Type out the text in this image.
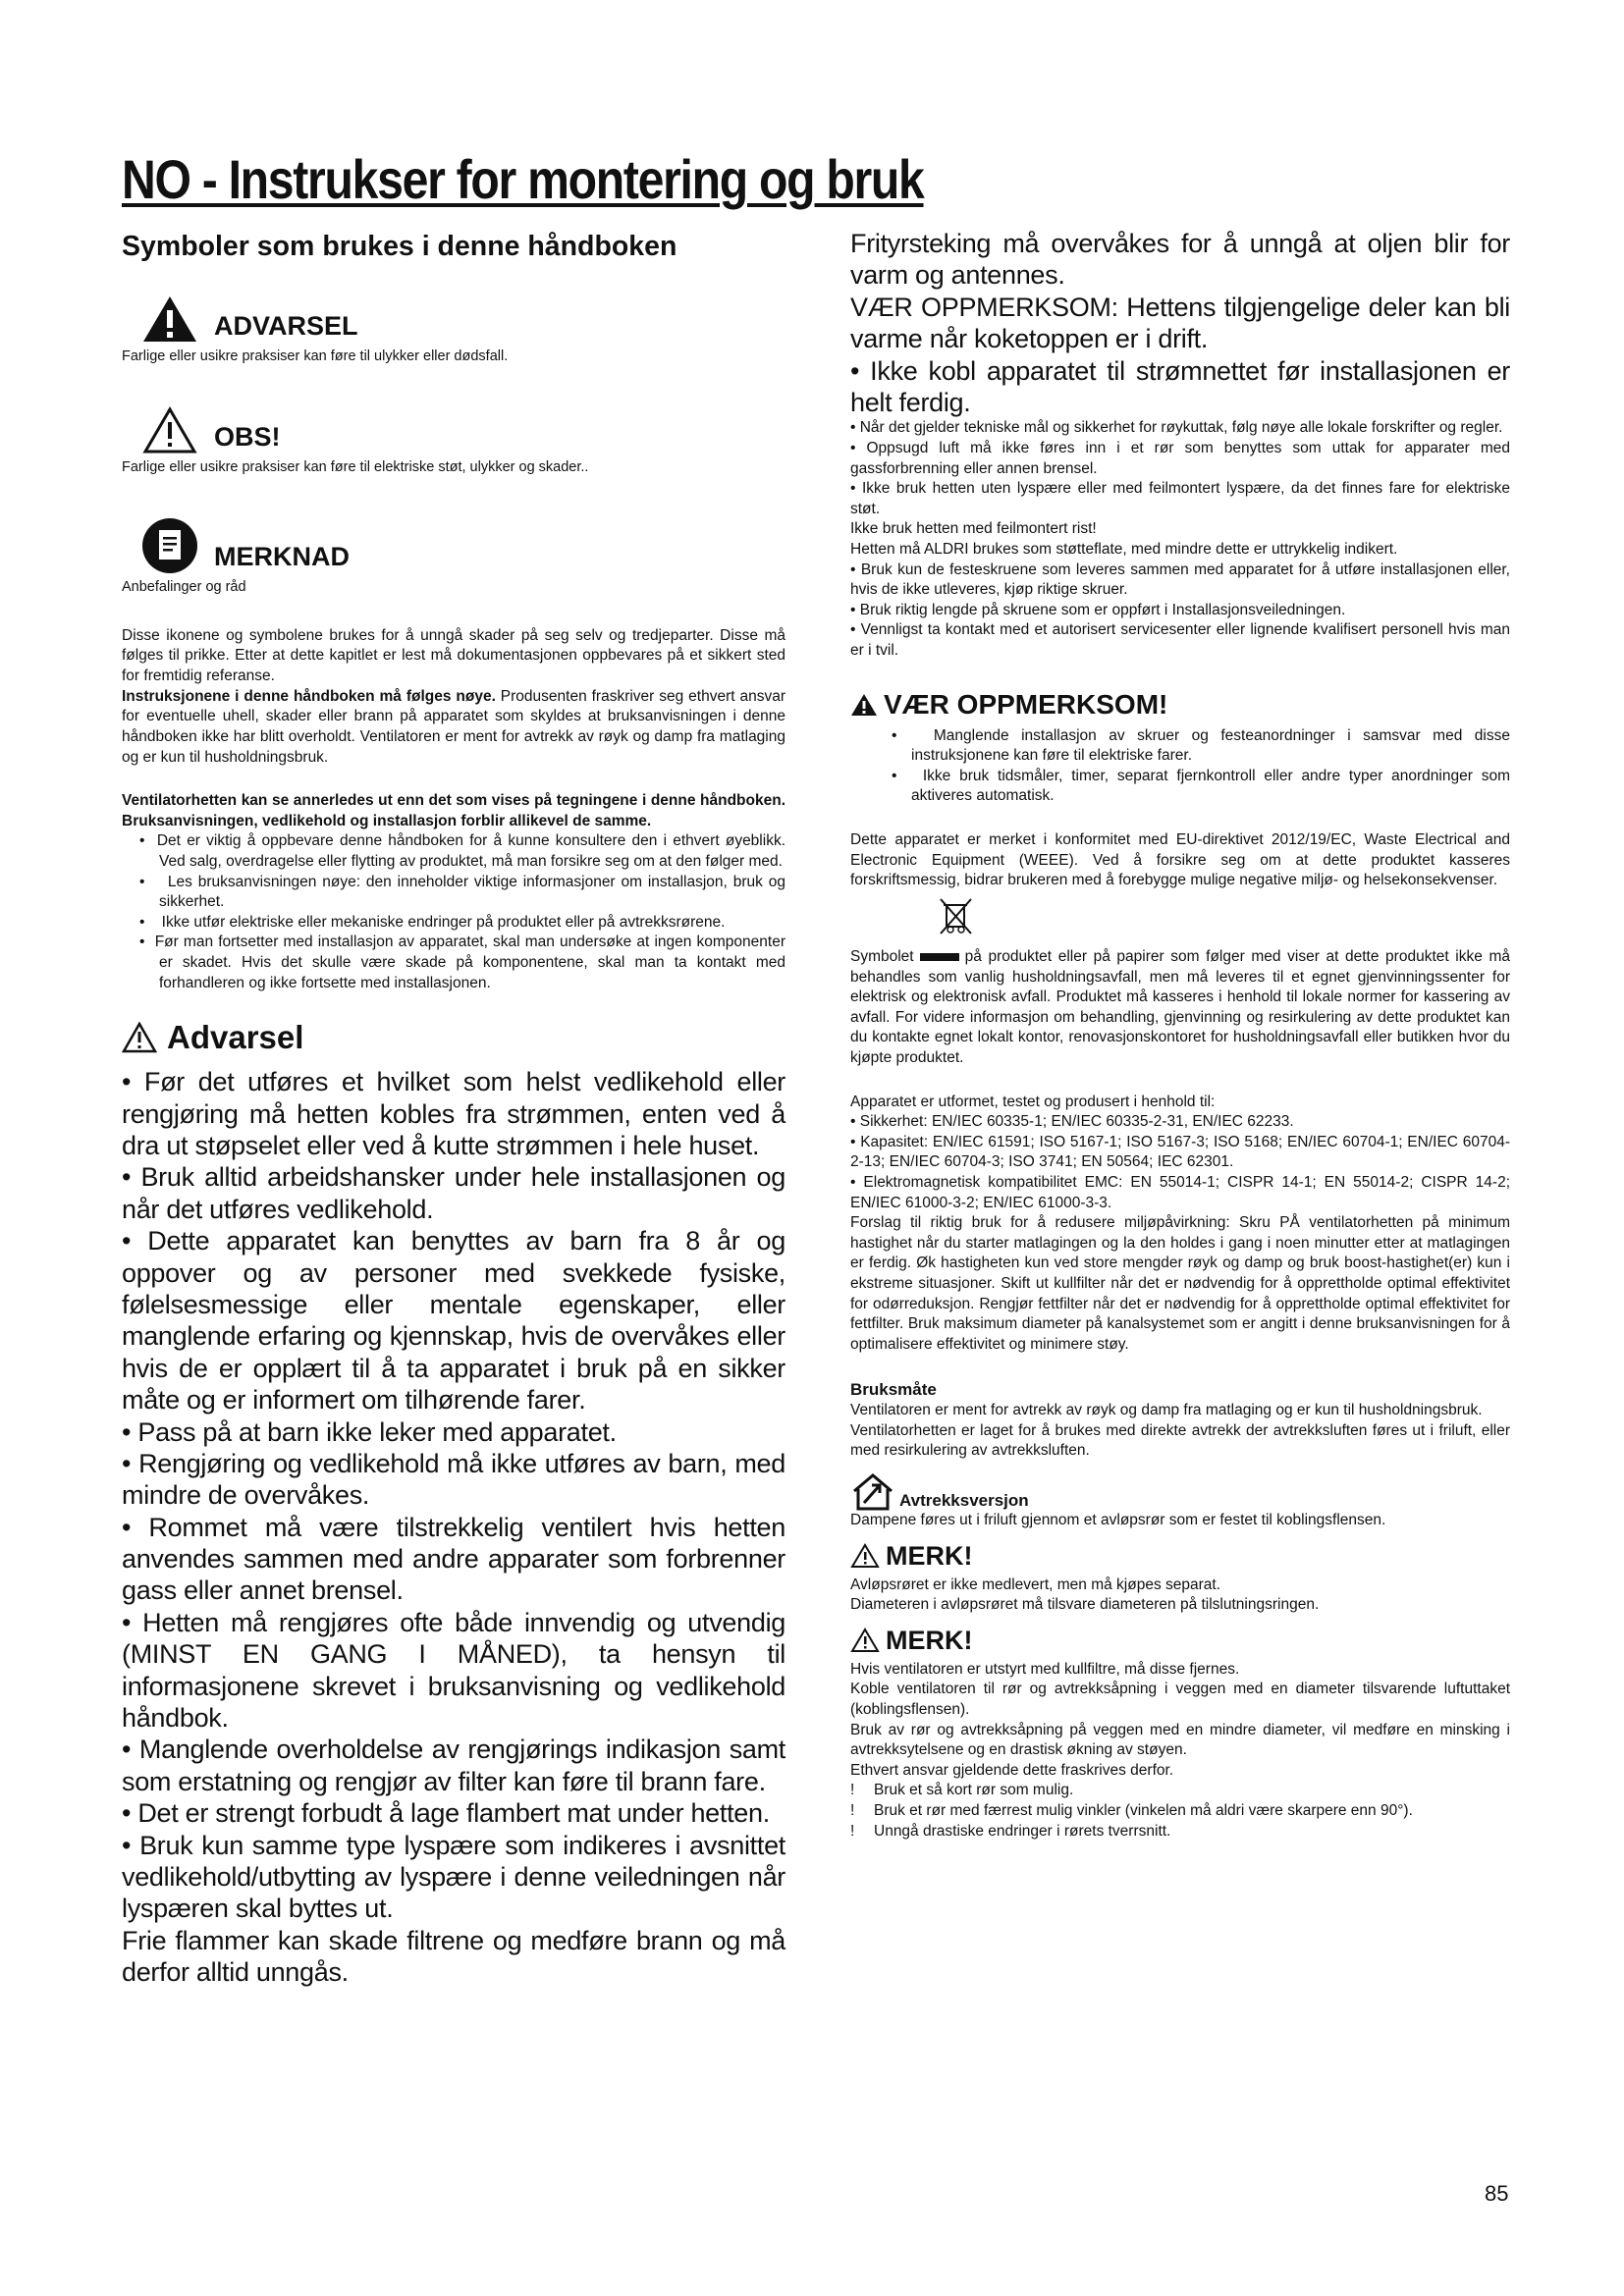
NO - Instrukser for montering og bruk
Symboler som brukes i denne håndboken
ADVARSEL

Farlige eller usikre praksiser kan føre til ulykker eller dødsfall.

OBS!

Farlige eller usikre praksiser kan føre til elektriske støt, ulykker og skader..

MERKNAD

Anbefalinger og råd

Disse ikonene og symbolene brukes for å unngå skader på seg selv og tredjeparter. Disse må følges til prikke. Etter at dette kapitlet er lest må dokumentasjonen oppbevares på et sikkert sted for fremtidig referanse.

Instruksjonene i denne håndboken må følges nøye. Produsenten fraskriver seg ethvert ansvar for eventuelle uhell, skader eller brann på apparatet som skyldes at bruksanvisningen i denne håndboken ikke har blitt overholdt. Ventilatoren er ment for avtrekk av røyk og damp fra matlaging og er kun til husholdningsbruk.

Ventilatorhetten kan se annerledes ut enn det som vises på tegningene i denne håndboken. Bruksanvisningen, vedlikehold og installasjon forblir allikevel de samme.

•  Det er viktig å oppbevare denne håndboken for å kunne konsultere den i ethvert øyeblikk. Ved salg, overdragelse eller flytting av produktet, må man forsikre seg om at den følger med.

•    Les bruksanvisningen nøye: den inneholder viktige informasjoner om installasjon, bruk og sikkerhet.

•    Ikke utfør elektriske eller mekaniske endringer på produktet eller på avtrekksrørene.

•  Før man fortsetter med installasjon av apparatet, skal man undersøke at ingen komponenter er skadet. Hvis det skulle være skade på komponentene, skal man ta kontakt med forhandleren og ikke fortsette med installasjonen.

Advarsel

• Før det utføres et hvilket som helst vedlikehold eller rengjøring må hetten kobles fra strømmen, enten ved å dra ut støpselet eller ved å kutte strømmen i hele huset.

• Bruk alltid arbeidshansker under hele installasjonen og når det utføres vedlikehold.

• Dette apparatet kan benyttes av barn fra 8 år og oppover og av personer med svekkede fysiske, følelsesmessige eller mentale egenskaper, eller manglende erfaring og kjennskap, hvis de overvåkes eller hvis de er opplært til å ta apparatet i bruk på en sikker måte og er informert om tilhørende farer.

• Pass på at barn ikke leker med apparatet.

• Rengjøring og vedlikehold må ikke utføres av barn, med mindre de overvåkes.

• Rommet må være tilstrekkelig ventilert hvis hetten anvendes sammen med andre apparater som forbrenner gass eller annet brensel.

• Hetten må rengjøres ofte både innvendig og utvendig (MINST EN GANG I MÅNED), ta hensyn til informasjonene skrevet i bruksanvisning og vedlikehold håndbok.

• Manglende overholdelse av rengjørings indikasjon samt som erstatning og rengjør av filter kan føre til brann fare.

• Det er strengt forbudt å lage flambert mat under hetten.

• Bruk kun samme type lyspære som indikeres i avsnittet vedlikehold/utbytting av lyspære i denne veiledningen når lyspæren skal byttes ut.

Frie flammer kan skade filtrene og medføre brann og må derfor alltid unngås.

Frityrsteking må overvåkes for å unngå at oljen blir for varm og antennes.

VÆR OPPMERKSOM: Hettens tilgjengelige deler kan bli varme når koketoppen er i drift.

• Ikke kobl apparatet til strømnettet før installasjonen er helt ferdig.

• Når det gjelder tekniske mål og sikkerhet for røykuttak, følg nøye alle lokale forskrifter og regler.

• Oppsugd luft må ikke føres inn i et rør som benyttes som uttak for apparater med gassforbrenning eller annen brensel.

• Ikke bruk hetten uten lyspære eller med feilmontert lyspære, da det finnes fare for elektriske støt.

Ikke bruk hetten med feilmontert rist!

Hetten må ALDRI brukes som støtteflate, med mindre dette er uttrykkelig indikert.

• Bruk kun de festeskruene som leveres sammen med apparatet for å utføre installasjonen eller, hvis de ikke utleveres, kjøp riktige skruer.

• Bruk riktig lengde på skruene som er oppført i Installasjonsveiledningen.

• Vennligst ta kontakt med et autorisert servicesenter eller lignende kvalifisert personell hvis man er i tvil.

VÆR OPPMERKSOM!

•   Manglende installasjon av skruer og festeanordninger i samsvar med disse instruksjonene kan føre til elektriske farer.

•   Ikke bruk tidsmåler, timer, separat fjernkontroll eller andre typer anordninger som aktiveres automatisk.

Dette apparatet er merket i konformitet med EU-direktivet 2012/19/EC, Waste Electrical and Electronic Equipment (WEEE). Ved å forsikre seg om at dette produktet kasseres forskriftsmessig, bidrar brukeren med å forebygge mulige negative miljø- og helsekonsekvenser.

Symbolet	på produktet eller på papirer som følger med viser at dette produktet ikke må behandles som vanlig husholdningsavfall, men må leveres til et egnet gjenvinningssenter for elektrisk og elektronisk avfall. Produktet må kasseres i henhold til lokale normer for kassering av avfall. For videre informasjon om behandling, gjenvinning og resirkulering av dette produktet kan du kontakte egnet lokalt kontor, renovasjonskontoret for husholdningsavfall eller butikken hvor du kjøpte produktet.

Apparatet er utformet, testet og produsert i henhold til:

• Sikkerhet: EN/IEC 60335-1; EN/IEC 60335-2-31, EN/IEC 62233.

• Kapasitet: EN/IEC 61591; ISO 5167-1; ISO 5167-3; ISO 5168; EN/IEC 60704-1; EN/IEC 60704-2-13; EN/IEC 60704-3; ISO 3741; EN 50564; IEC 62301.

• Elektromagnetisk kompatibilitet EMC: EN 55014-1; CISPR 14-1; EN 55014-2; CISPR 14-2; EN/IEC 61000-3-2; EN/IEC 61000-3-3.

Forslag til riktig bruk for å redusere miljøpåvirkning: Skru PÅ ventilatorhetten på minimum hastighet når du starter matlagingen og la den holdes i gang i noen minutter etter at matlagingen er ferdig. Øk hastigheten kun ved store mengder røyk og damp og bruk boost-hastighet(er) kun i ekstreme situasjoner. Skift ut kullfilter når det er nødvendig for å opprettholde optimal effektivitet for odørreduksjon. Rengjør fettfilter når det er nødvendig for å opprettholde optimal effektivitet for fettfilter. Bruk maksimum diameter på kanalsystemet som er angitt i denne bruksanvisningen for å optimalisere effektivitet og minimere støy.

Bruksmåte

Ventilatoren er ment for avtrekk av røyk og damp fra matlaging og er kun til husholdningsbruk.

Ventilatorhetten er laget for å brukes med direkte avtrekk der avtrekksluften føres ut i friluft, eller med resirkulering av avtrekksluften.

Avtrekksversjon

Dampene føres ut i friluft gjennom et avløpsrør som er festet til koblingsflensen.

MERK!

Avløpsrøret er ikke medlevert, men må kjøpes separat.

Diameteren i avløpsrøret må tilsvare diameteren på tilslutningsringen.

MERK!

Hvis ventilatoren er utstyrt med kullfiltre, må disse fjernes.

Koble ventilatoren til rør og avtrekksåpning i veggen med en diameter tilsvarende luftuttaket (koblingsflensen).

Bruk av rør og avtrekksåpning på veggen med en mindre diameter, vil medføre en minsking i avtrekksytelsene og en drastisk økning av støyen.

Ethvert ansvar gjeldende dette fraskrives derfor.

!	Bruk et så kort rør som mulig.
!	Bruk et rør med færrest mulig vinkler (vinkelen må aldri være skarpere enn 90°).
!	Unngå drastiske endringer i rørets tverrsnitt.
85
